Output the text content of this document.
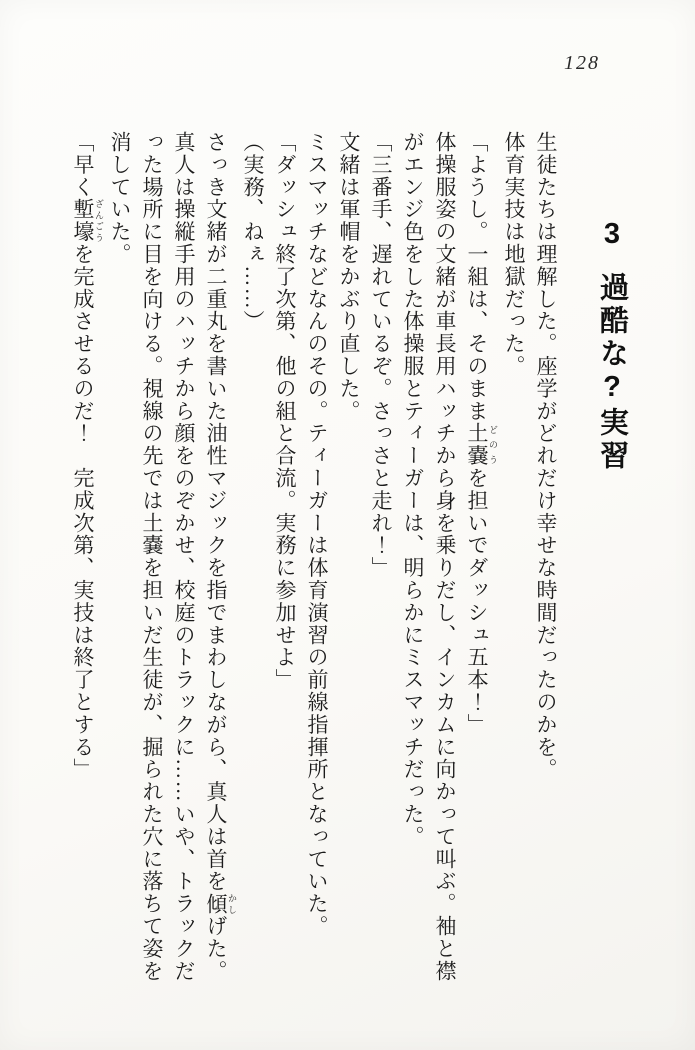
128
3過酷な?実習

生徒たちは理解した。座学がどれだけ幸せな時間だったのかを。

体育実技は地獄だった。

「ようし。一組は、そのまま土嚢 どのうを担いでダッシュ五本！」

体操服姿の文緒が車長用ハッチから身を乗りだし、インカムに向かって叫ぶ。袖と襟がエンジ色をした体操服とティーガーは、明らかにミスマッチだった。

「三番手、遅れているぞ。さっさと走れ！」

文緒は軍帽をかぶり直した。

ミスマッチなどなんのその。ティーガーは体育演習の前線指揮所となっていた。

「ダッシュ終了次第、他の組と合流。実務に参加せよ」

（実務、ねぇ……）

さっき文緒が二重丸を書いた油性マジックを指でまわしながら、真人は首を傾 かしげた。

真人は操縦手用のハッチから顔をのぞかせ、校庭のトラックに……いや、トラックだった場所に目を向ける。視線の先では土嚢を担いだ生徒が、掘られた穴に落ちて姿を消していた。

「早く塹壕 ざんごうを完成させるのだ！　完成次第、実技は終了とする」
